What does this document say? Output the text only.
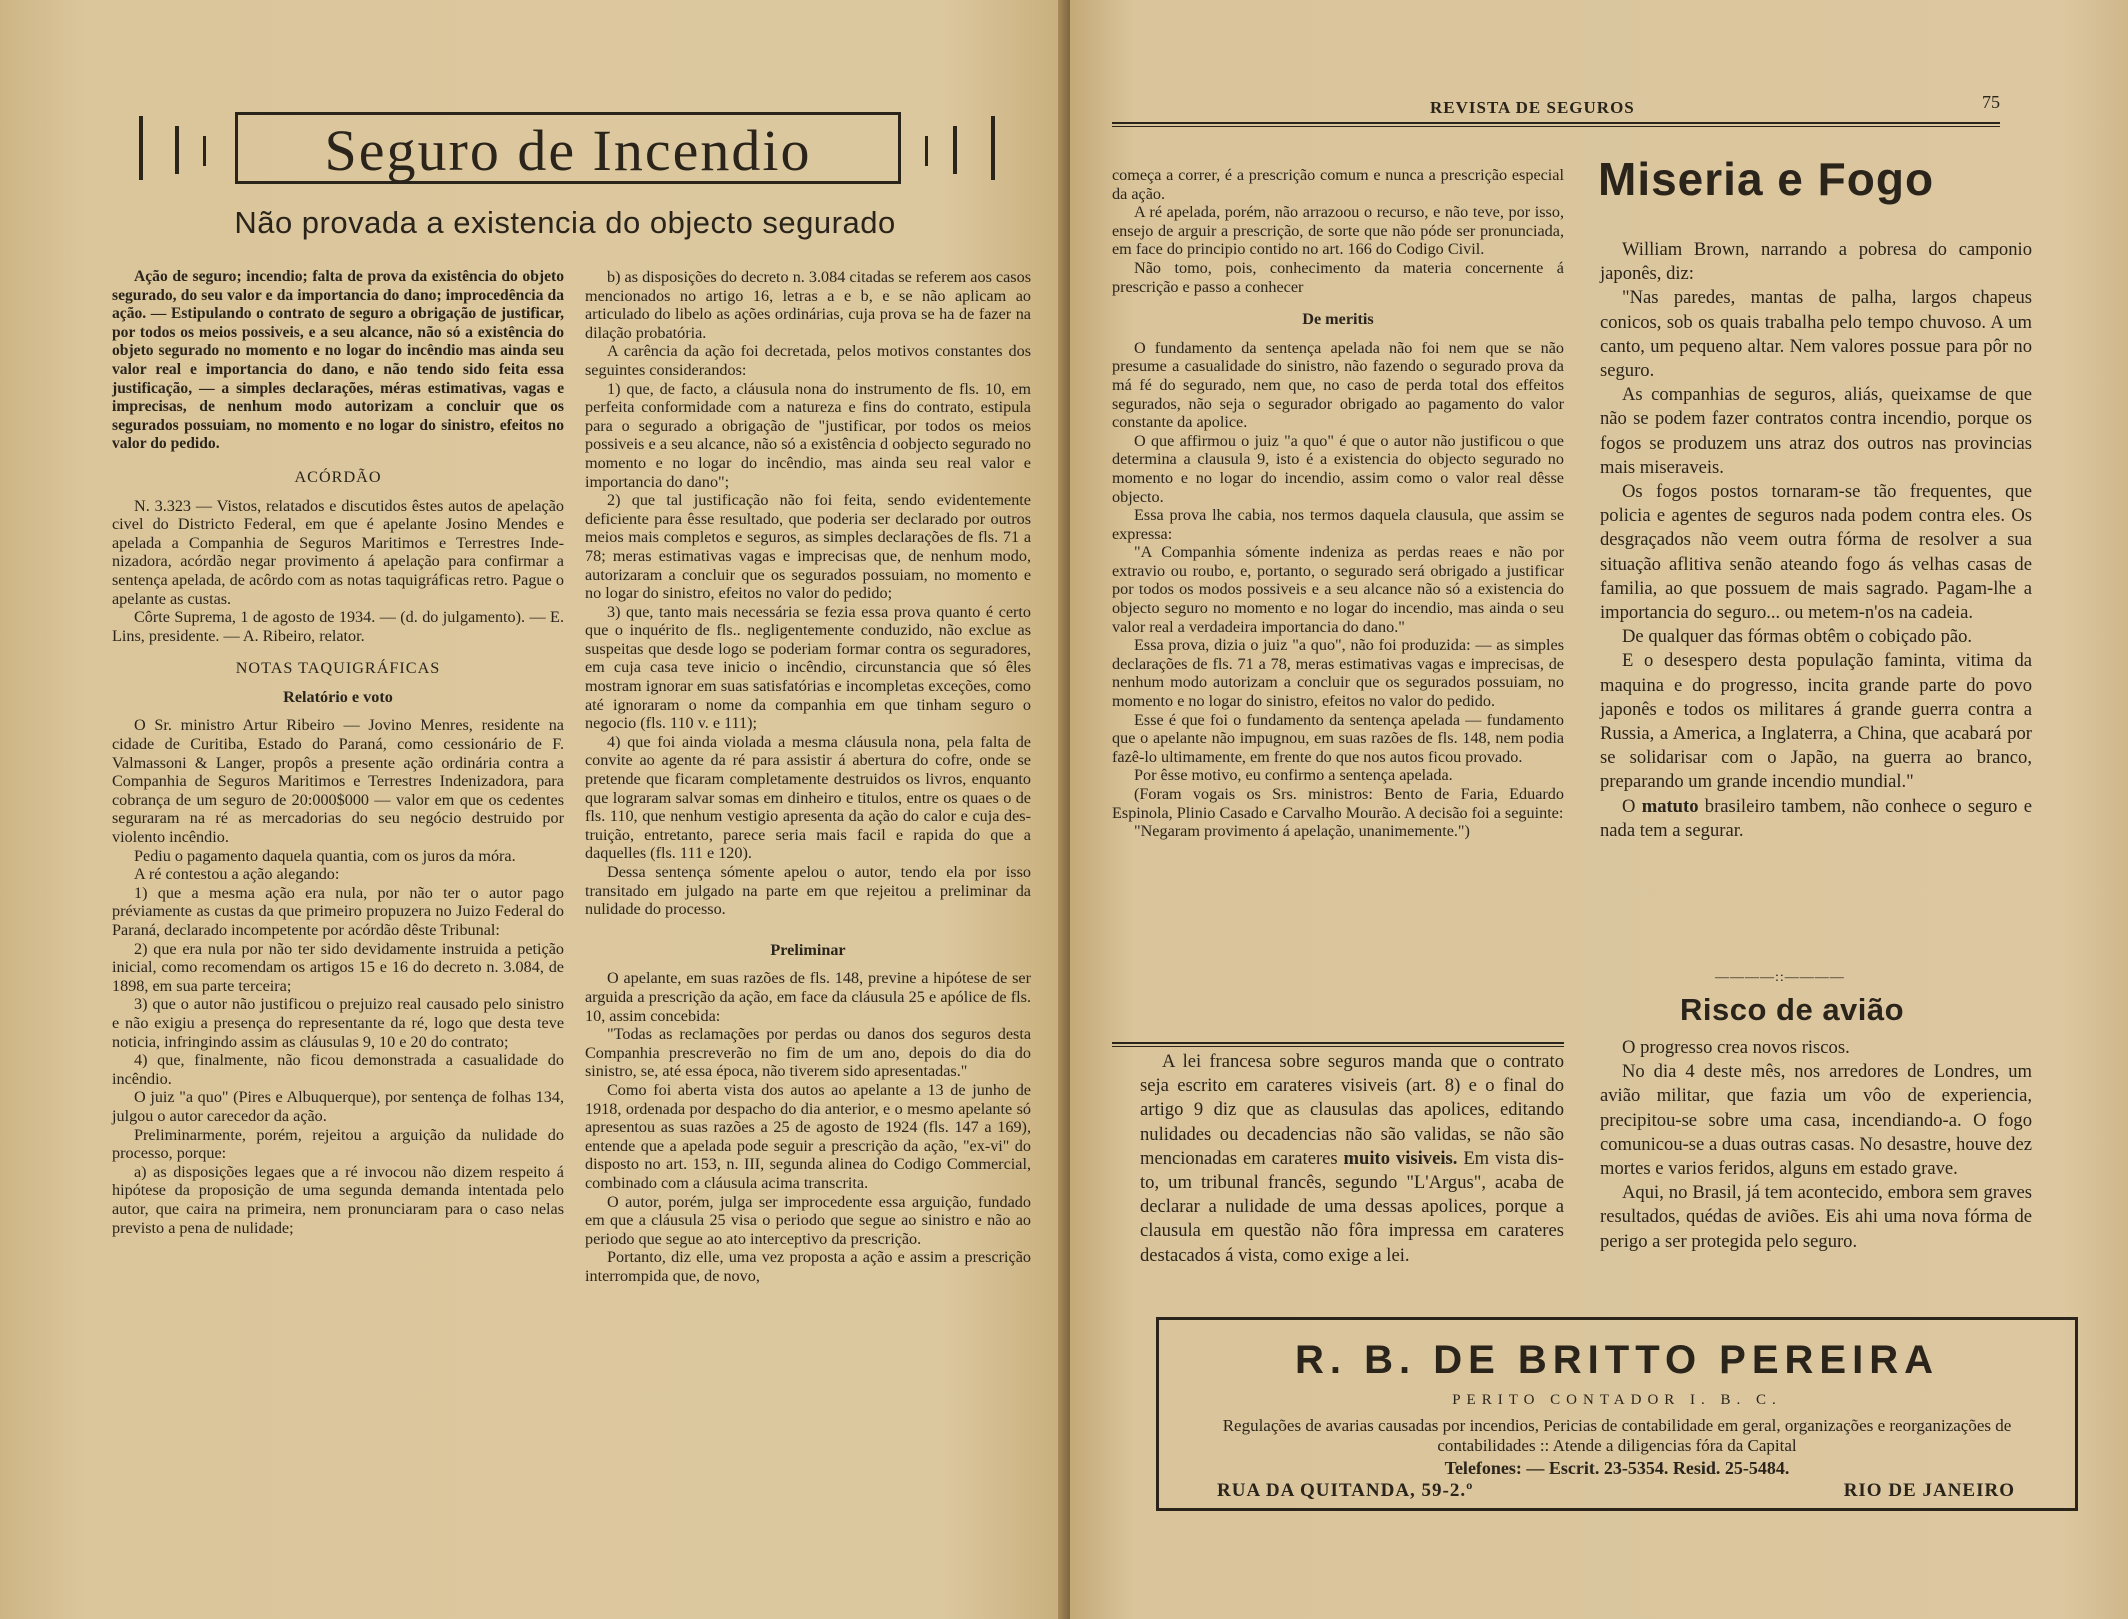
Seguro de Incendio
Não provada a existencia do objecto segurado

Ação de seguro; incendio; falta de prova da existência do objeto segurado, do seu valor e da importancia do dano; improcedência da ação. — Estipulando o contrato de seguro a obrigação de justificar, por todos os meios possiveis, e a seu alcance, não só a existência do objeto segurado no momento e no logar do incêndio mas ainda seu valor real e importancia do dano, e não tendo sido feita essa justificação, — a simples declarações, méras estimativas, vagas e imprecisas, de nenhum modo autorizam a concluir que os segurados possuiam, no momento e no logar do sinistro, efeitos no valor do pedido.

ACÓRDÃO

N. 3.323 — Vistos, relatados e discutidos êstes autos de apelação civel do Districto Federal, em que é apelante Josino Mendes e apelada a Companhia de Seguros Maritimos e Terrestres Indenizadora, acórdão negar provimento á apelação para confirmar a sentença apelada, de acôrdo com as notas taquigráficas retro. Pague o apelante as custas.

Côrte Suprema, 1 de agosto de 1934. — (d. do julgamento). — E. Lins, presidente. — A. Ribeiro, relator.

NOTAS TAQUIGRÁFICAS

Relatório e voto

O Sr. ministro Artur Ribeiro — Jovino Menres, residente na cidade de Curitiba, Estado do Paraná, como cessionário de F. Valmassoni & Langer, propôs a presente ação ordinária contra a Companhia de Seguros Maritimos e Terrestres Indenizadora, para cobrança de um seguro de 20:000$000 — valor em que os cedentes seguraram na ré as mercadorias do seu negócio destruido por violento incêndio.

Pediu o pagamento daquela quantia, com os juros da móra.

A ré contestou a ação alegando:

1) que a mesma ação era nula, por não ter o autor pago préviamente as custas da que primeiro propuzera no Juizo Federal do Paraná, declarado incompetente por acórdão dêste Tribunal:

2) que era nula por não ter sido devidamente instruida a petição inicial, como recomendam os artigos 15 e 16 do decreto n. 3.084, de 1898, em sua parte terceira;

3) que o autor não justificou o prejuizo real causado pelo sinistro e não exigiu a presença do representante da ré, logo que desta teve noticia, infringindo assim as cláusulas 9, 10 e 20 do contrato;

4) que, finalmente, não ficou demonstrada a casualidade do incêndio.

O juiz "a quo" (Pires e Albuquerque), por sentença de folhas 134, julgou o autor carecedor da ação.

Preliminarmente, porém, rejeitou a arguição da nulidade do processo, porque:

a) as disposições legaes que a ré invocou não dizem respeito á hipótese da proposição de uma segunda demanda intentada pelo autor, que caira na primeira, nem pronunciaram para o caso nelas previsto a pena de nulidade;

b) as disposições do decreto n. 3.084 citadas se referem aos casos mencionados no artigo 16, letras a e b, e se não aplicam ao articulado do libelo as ações ordinárias, cuja prova se ha de fazer na dilação probatória.

A carência da ação foi decretada, pelos motivos constantes dos seguintes considerandos:

1) que, de facto, a cláusula nona do instrumento de fls. 10, em perfeita conformidade com a natureza e fins do contrato, estipula para o segurado a obrigação de "justificar, por todos os meios possiveis e a seu alcance, não só a existência d oobjecto segurado no momento e no logar do incêndio, mas ainda seu real valor e importancia do dano";

2) que tal justificação não foi feita, sendo evidentemente deficiente para êsse resultado, que poderia ser declarado por outros meios mais completos e seguros, as simples declarações de fls. 71 a 78; meras estimativas vagas e imprecisas que, de nenhum modo, autorizaram a concluir que os segurados possuiam, no momento e no logar do sinistro, efeitos no valor do pedido;

3) que, tanto mais necessária se fezia essa prova quanto é certo que o inquérito de fls.. negligentemente conduzido, não exclue as suspeitas que desde logo se poderiam formar contra os seguradores, em cuja casa teve inicio o incêndio, circunstancia que só êles mostram ignorar em suas satisfatórias e incompletas exceções, como até ignoraram o nome da companhia em que tinham seguro o negocio (fls. 110 v. e 111);

4) que foi ainda violada a mesma cláusula nona, pela falta de convite ao agente da ré para assistir á abertura do cofre, onde se pretende que ficaram completamente destruidos os livros, enquanto que lograram salvar somas em dinheiro e titulos, entre os quaes o de fls. 110, que nenhum vestigio apresenta da ação do calor e cuja destruição, entretanto, parece seria mais facil e rapida do que a daquelles (fls. 111 e 120).

Dessa sentença sómente apelou o autor, tendo ela por isso transitado em julgado na parte em que rejeitou a preliminar da nulidade do processo.

Preliminar

O apelante, em suas razões de fls. 148, previne a hipótese de ser arguida a prescrição da ação, em face da cláusula 25 e apólice de fls. 10, assim concebida:

"Todas as reclamações por perdas ou danos dos seguros desta Companhia prescreverão no fim de um ano, depois do dia do sinistro, se, até essa época, não tiverem sido apresentadas."

Como foi aberta vista dos autos ao apelante a 13 de junho de 1918, ordenada por despacho do dia anterior, e o mesmo apelante só apresentou as suas razões a 25 de agosto de 1924 (fls. 147 a 169), entende que a apelada pode seguir a prescrição da ação, "ex-vi" do disposto no art. 153, n. III, segunda alinea do Codigo Commercial, combinado com a cláusula acima transcrita.

O autor, porém, julga ser improcedente essa arguição, fundado em que a cláusula 25 visa o periodo que segue ao sinistro e não ao periodo que segue ao ato interceptivo da prescrição.

Portanto, diz elle, uma vez proposta a ação e assim a prescrição interrompida que, de novo,

REVISTA DE SEGUROS	75

começa a correr, é a prescrição comum e nunca a prescrição especial da ação.

A ré apelada, porém, não arrazoou o recurso, e não teve, por isso, ensejo de arguir a prescrição, de sorte que não póde ser pronunciada, em face do principio contido no art. 166 do Codigo Civil.

Não tomo, pois, conhecimento da materia concernente á prescrição e passo a conhecer

De meritis

O fundamento da sentença apelada não foi nem que se não presume a casualidade do sinistro, não fazendo o segurado prova da má fé do segurado, nem que, no caso de perda total dos effeitos segurados, não seja o segurador obrigado ao pagamento do valor constante da apolice.

O que affirmou o juiz "a quo" é que o autor não justificou o que determina a clausula 9, isto é a existencia do objecto segurado no momento e no logar do incendio, assim como o valor real dêsse objecto.

Essa prova lhe cabia, nos termos daquela clausula, que assim se expressa:

"A Companhia sómente indeniza as perdas reaes e não por extravio ou roubo, e, portanto, o segurado será obrigado a justificar por todos os modos possiveis e a seu alcance não só a existencia do objecto seguro no momento e no logar do incendio, mas ainda o seu valor real a verdadeira importancia do dano."

Essa prova, dizia o juiz "a quo", não foi produzida: — as simples declarações de fls. 71 a 78, meras estimativas vagas e imprecisas, de nenhum modo autorizam a concluir que os segurados possuiam, no momento e no logar do sinistro, efeitos no valor do pedido.

Esse é que foi o fundamento da sentença apelada — fundamento que o apelante não impugnou, em suas razões de fls. 148, nem podia fazê-lo ultimamente, em frente do que nos autos ficou provado.

Por êsse motivo, eu confirmo a sentença apelada.

(Foram vogais os Srs. ministros: Bento de Faria, Eduardo Espinola, Plinio Casado e Carvalho Mourão. A decisão foi a seguinte:

"Negaram provimento á apelação, unanimemente.")

A lei francesa sobre seguros manda que o contrato seja escrito em carateres visiveis (art. 8) e o final do artigo 9 diz que as clausulas das apolices, editando nulidades ou decadencias não são validas, se não são mencionadas em carateres muito visiveis. Em vista disto, um tribunal francês, segundo "L'Argus", acaba de declarar a nulidade de uma dessas apolices, porque a clausula em questão não fôra impressa em carateres destacados á vista, como exige a lei.

Miseria e Fogo

William Brown, narrando a pobresa do camponio japonês, diz:

"Nas paredes, mantas de palha, largos chapeus conicos, sob os quais trabalha pelo tempo chuvoso. A um canto, um pequeno altar. Nem valores possue para pôr no seguro.

As companhias de seguros, aliás, queixamse de que não se podem fazer contratos contra incendio, porque os fogos se produzem uns atraz dos outros nas provincias mais miseraveis.

Os fogos postos tornaram-se tão frequentes, que policia e agentes de seguros nada podem contra eles. Os desgraçados não veem outra fórma de resolver a sua situação aflitiva senão ateando fogo ás velhas casas de familia, ao que possuem de mais sagrado. Pagam-lhe a importancia do seguro... ou metem-n'os na cadeia.

De qualquer das fórmas obtêm o cobiçado pão.

E o desespero desta população faminta, vitima da maquina e do progresso, incita grande parte do povo japonês e todos os militares á grande guerra contra a Russia, a America, a Inglaterra, a China, que acabará por se solidarisar com o Japão, na guerra ao branco, preparando um grande incendio mundial."

O matuto brasileiro tambem, não conhece o seguro e nada tem a segurar.

————::————
Risco de avião

O progresso crea novos riscos.

No dia 4 deste mês, nos arredores de Londres, um avião militar, que fazia um vôo de experiencia, precipitou-se sobre uma casa, incendiando-a. O fogo comunicou-se a duas outras casas. No desastre, houve dez mortes e varios feridos, alguns em estado grave.

Aqui, no Brasil, já tem acontecido, embora sem graves resultados, quédas de aviões. Eis ahi uma nova fórma de perigo a ser protegida pelo seguro.

R. B. DE BRITTO PEREIRA
PERITO CONTADOR I. B. C.
Regulações de avarias causadas por incendios, Pericias de contabilidade em geral, organizações e reorganizações de contabilidades :: Atende a diligencias fóra da Capital
Telefones: — Escrit. 23-5354. Resid. 25-5484.
RUA DA QUITANDA, 59-2.º	RIO DE JANEIRO
